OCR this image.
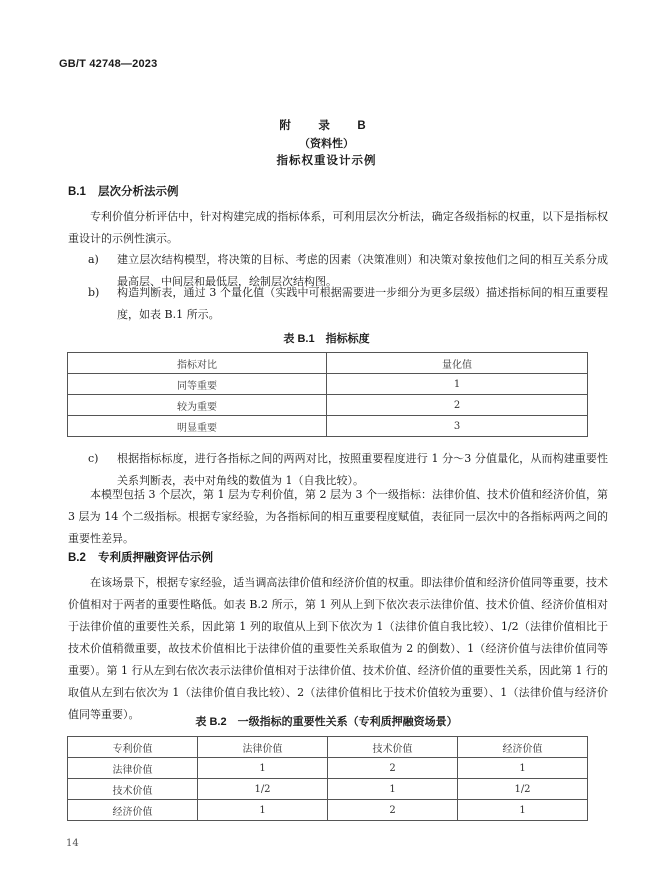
GB/T 42748—2023
附　录　B
（资料性）
指标权重设计示例
B.1 层次分析法示例
专利价值分析评估中，针对构建完成的指标体系，可利用层次分析法，确定各级指标的权重，以下是指标权重设计的示例性演示。
a) 建立层次结构模型，将决策的目标、考虑的因素（决策准则）和决策对象按他们之间的相互关系分成最高层、中间层和最低层，绘制层次结构图。
b) 构造判断表，通过 3 个量化值（实践中可根据需要进一步细分为更多层级）描述指标间的相互重要程度，如表 B.1 所示。
表 B.1　指标标度
指标对比	量化值
同等重要	1
较为重要	2
明显重要	3
c) 根据指标标度，进行各指标之间的两两对比，按照重要程度进行 1 分～3 分值量化，从而构建重要性关系判断表，表中对角线的数值为 1（自我比较）。
本模型包括 3 个层次，第 1 层为专利价值，第 2 层为 3 个一级指标：法律价值、技术价值和经济价值，第 3 层为 14 个二级指标。根据专家经验，为各指标间的相互重要程度赋值，表征同一层次中的各指标两两之间的重要性差异。
B.2 专利质押融资评估示例
在该场景下，根据专家经验，适当调高法律价值和经济价值的权重。即法律价值和经济价值同等重要，技术价值相对于两者的重要性略低。如表 B.2 所示，第 1 列从上到下依次表示法律价值、技术价值、经济价值相对于法律价值的重要性关系，因此第 1 列的取值从上到下依次为 1（法律价值自我比较）、1/2（法律价值相比于技术价值稍微重要，故技术价值相比于法律价值的重要性关系取值为 2 的倒数）、1（经济价值与法律价值同等重要）。第 1 行从左到右依次表示法律价值相对于法律价值、技术价值、经济价值的重要性关系，因此第 1 行的取值从左到右依次为 1（法律价值自我比较）、2（法律价值相比于技术价值较为重要）、1（法律价值与经济价值同等重要）。
表 B.2　一级指标的重要性关系（专利质押融资场景）
专利价值	法律价值	技术价值	经济价值
法律价值	1	2	1
技术价值	1/2	1	1/2
经济价值	1	2	1
14
